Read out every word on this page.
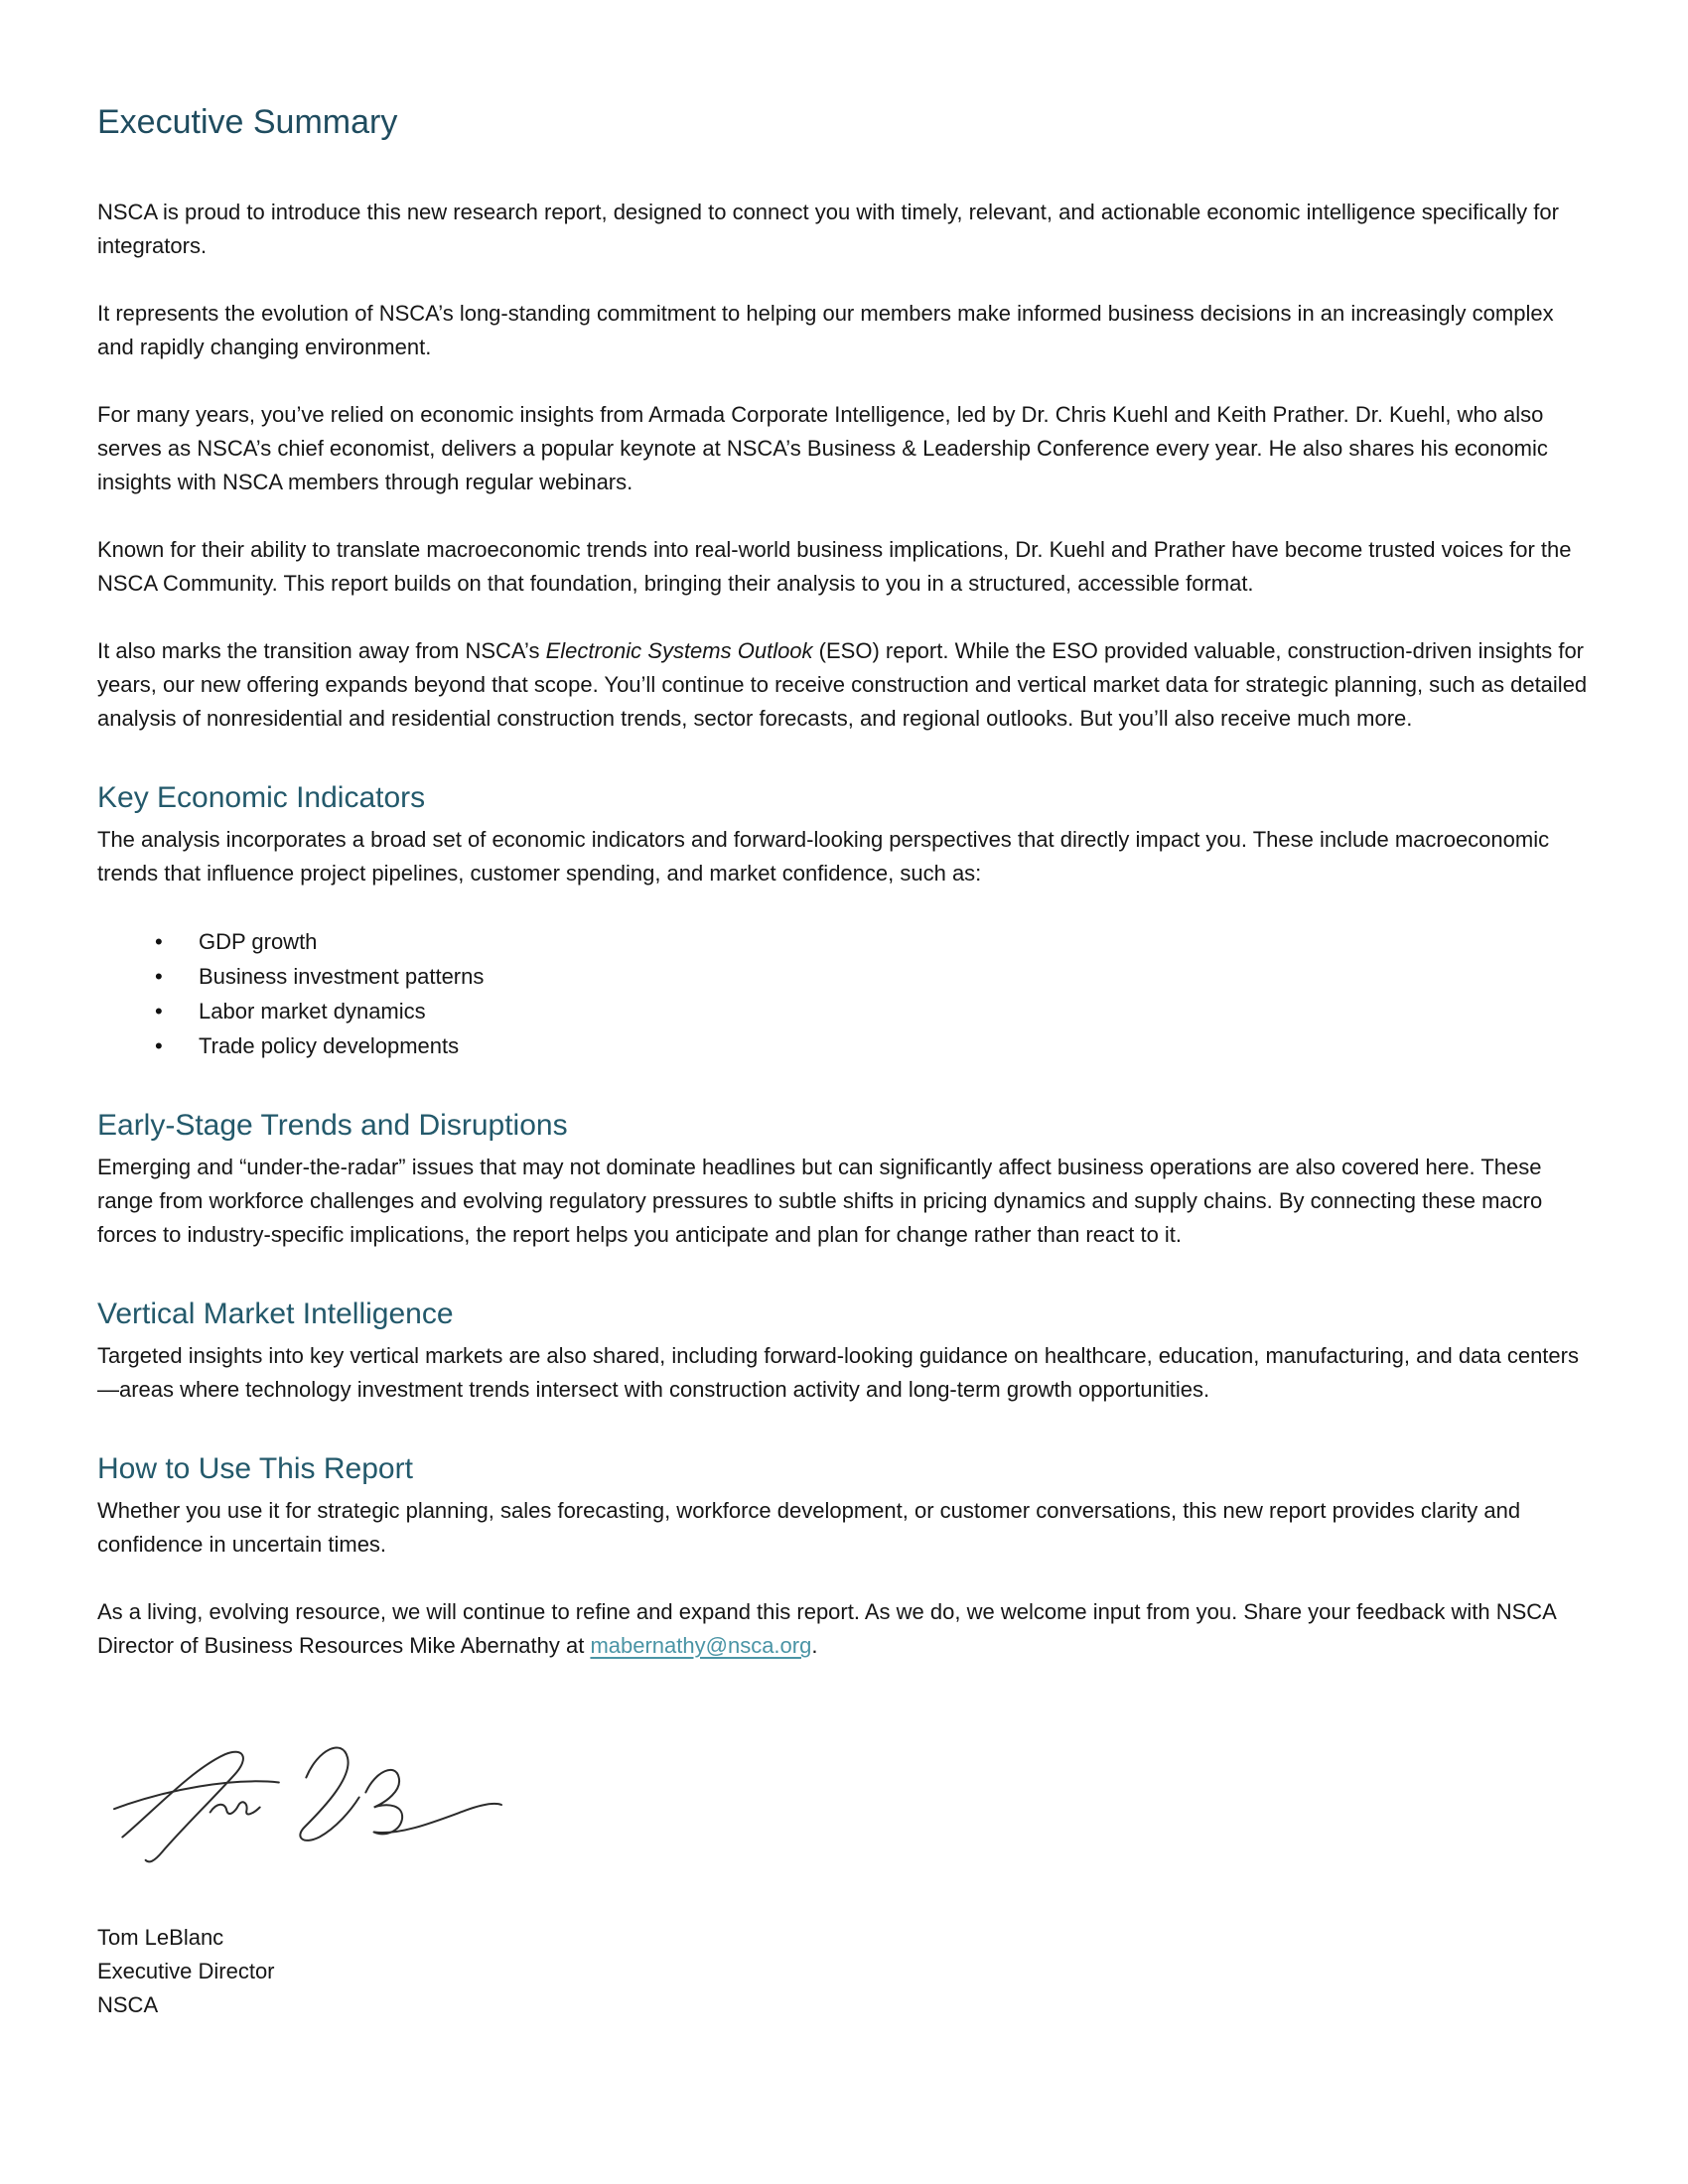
Executive Summary

NSCA is proud to introduce this new research report, designed to connect you with timely, relevant, and actionable economic intelligence specifically for integrators.

It represents the evolution of NSCA’s long-standing commitment to helping our members make informed business decisions in an increasingly complex and rapidly changing environment.

For many years, you’ve relied on economic insights from Armada Corporate Intelligence, led by Dr. Chris Kuehl and Keith Prather. Dr. Kuehl, who also serves as NSCA’s chief economist, delivers a popular keynote at NSCA’s Business & Leadership Conference every year. He also shares his economic insights with NSCA members through regular webinars.

Known for their ability to translate macroeconomic trends into real-world business implications, Dr. Kuehl and Prather have become trusted voices for the NSCA Community. This report builds on that foundation, bringing their analysis to you in a structured, accessible format.

It also marks the transition away from NSCA’s Electronic Systems Outlook (ESO) report. While the ESO provided valuable, construction-driven insights for years, our new offering expands beyond that scope. You’ll continue to receive construction and vertical market data for strategic planning, such as detailed analysis of nonresidential and residential construction trends, sector forecasts, and regional outlooks. But you’ll also receive much more.

Key Economic Indicators

The analysis incorporates a broad set of economic indicators and forward-looking perspectives that directly impact you. These include macroeconomic trends that influence project pipelines, customer spending, and market confidence, such as:

• GDP growth
• Business investment patterns
• Labor market dynamics
• Trade policy developments
Early-Stage Trends and Disruptions

Emerging and “under-the-radar” issues that may not dominate headlines but can significantly affect business operations are also covered here. These range from workforce challenges and evolving regulatory pressures to subtle shifts in pricing dynamics and supply chains. By connecting these macro forces to industry-specific implications, the report helps you anticipate and plan for change rather than react to it.

Vertical Market Intelligence

Targeted insights into key vertical markets are also shared, including forward-looking guidance on healthcare, education, manufacturing, and data centers—areas where technology investment trends intersect with construction activity and long-term growth opportunities.

How to Use This Report

Whether you use it for strategic planning, sales forecasting, workforce development, or customer conversations, this new report provides clarity and confidence in uncertain times.

As a living, evolving resource, we will continue to refine and expand this report. As we do, we welcome input from you. Share your feedback with NSCA Director of Business Resources Mike Abernathy at mabernathy@nsca.org.

Tom LeBlanc
Executive Director
NSCA
